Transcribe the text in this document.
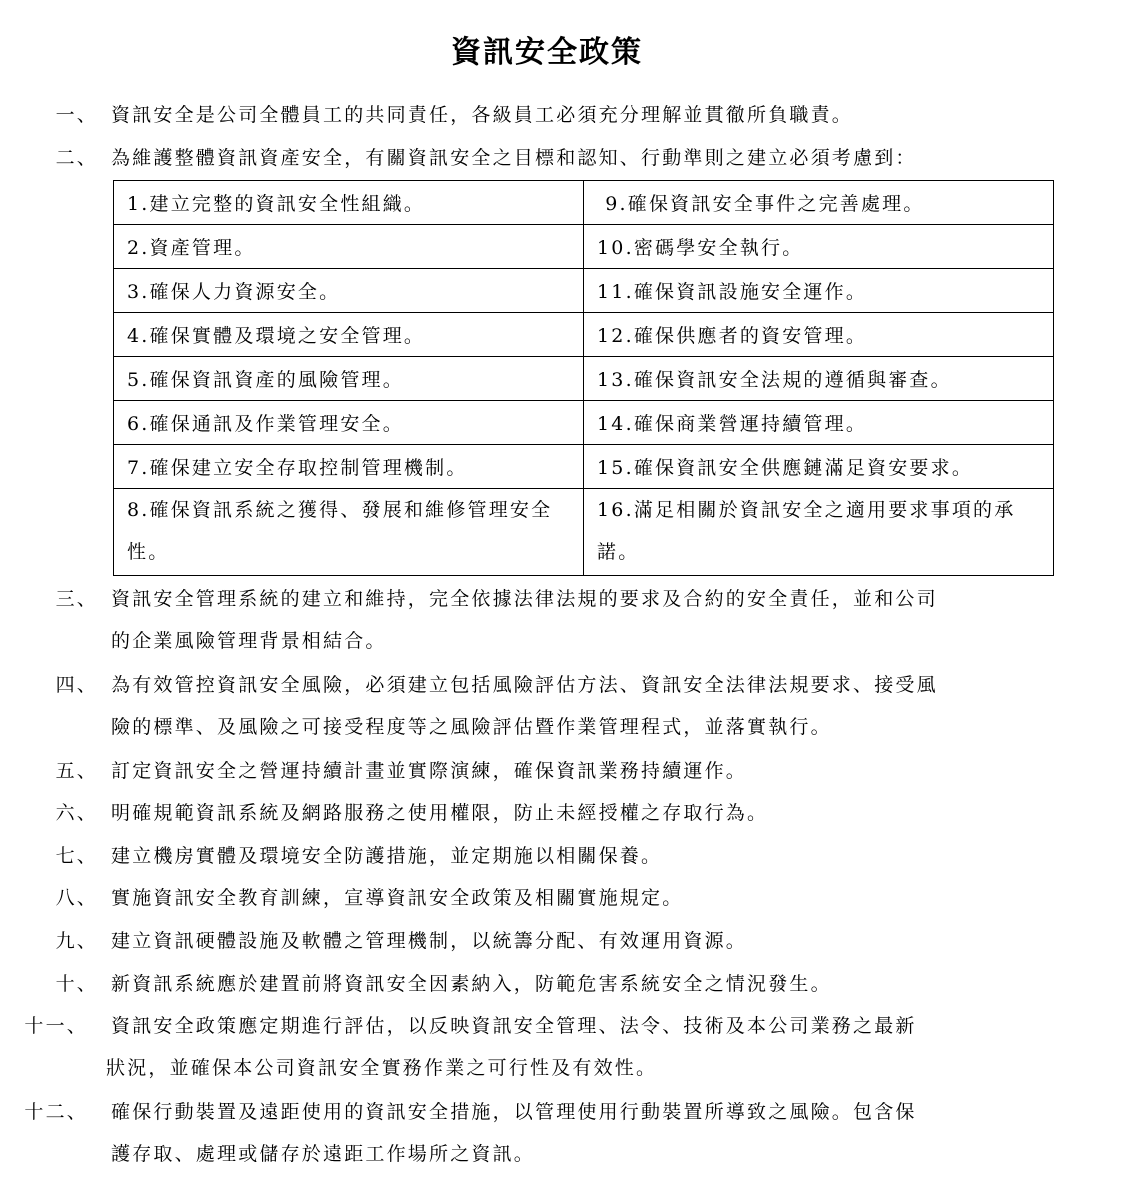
資訊安全政策
一、 資訊安全是公司全體員工的共同責任，各級員工必須充分理解並貫徹所負職責。
二、 為維護整體資訊資產安全，有關資訊安全之目標和認知、行動準則之建立必須考慮到：
1.建立完整的資訊安全性組織。	9.確保資訊安全事件之完善處理。
2.資產管理。	10.密碼學安全執行。
3.確保人力資源安全。	11.確保資訊設施安全運作。
4.確保實體及環境之安全管理。	12.確保供應者的資安管理。
5.確保資訊資產的風險管理。	13.確保資訊安全法規的遵循與審查。
6.確保通訊及作業管理安全。	14.確保商業營運持續管理。
7.確保建立安全存取控制管理機制。	15.確保資訊安全供應鏈滿足資安要求。
8.確保資訊系統之獲得、發展和維修管理安全性。	16.滿足相關於資訊安全之適用要求事項的承諾。
三、 資訊安全管理系統的建立和維持，完全依據法律法規的要求及合約的安全責任，並和公司
的企業風險管理背景相結合。
四、 為有效管控資訊安全風險，必須建立包括風險評估方法、資訊安全法律法規要求、接受風
險的標準、及風險之可接受程度等之風險評估暨作業管理程式，並落實執行。
五、 訂定資訊安全之營運持續計畫並實際演練，確保資訊業務持續運作。
六、 明確規範資訊系統及網路服務之使用權限，防止未經授權之存取行為。
七、 建立機房實體及環境安全防護措施，並定期施以相關保養。
八、 實施資訊安全教育訓練，宣導資訊安全政策及相關實施規定。
九、 建立資訊硬體設施及軟體之管理機制，以統籌分配、有效運用資源。
十、 新資訊系統應於建置前將資訊安全因素納入，防範危害系統安全之情況發生。
十一、 資訊安全政策應定期進行評估，以反映資訊安全管理、法令、技術及本公司業務之最新
狀況，並確保本公司資訊安全實務作業之可行性及有效性。
十二、 確保行動裝置及遠距使用的資訊安全措施，以管理使用行動裝置所導致之風險。包含保
護存取、處理或儲存於遠距工作場所之資訊。
